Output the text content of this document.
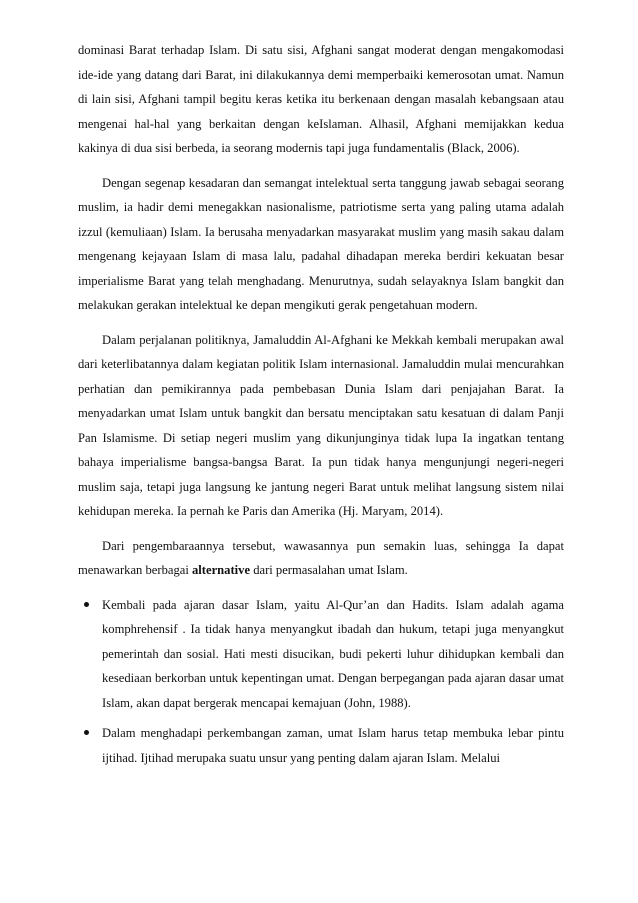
dominasi Barat terhadap Islam. Di satu sisi, Afghani sangat moderat dengan mengakomodasi ide-ide yang datang dari Barat, ini dilakukannya demi memperbaiki kemerosotan umat. Namun di lain sisi, Afghani tampil begitu keras ketika itu berkenaan dengan masalah kebangsaan atau mengenai hal-hal yang berkaitan dengan keIslaman. Alhasil, Afghani memijakkan kedua kakinya di dua sisi berbeda, ia seorang modernis tapi juga fundamentalis (Black, 2006).

Dengan segenap kesadaran dan semangat intelektual serta tanggung jawab sebagai seorang muslim, ia hadir demi menegakkan nasionalisme, patriotisme serta yang paling utama adalah izzul (kemuliaan) Islam. Ia berusaha menyadarkan masyarakat muslim yang masih sakau dalam mengenang kejayaan Islam di masa lalu, padahal dihadapan mereka berdiri kekuatan besar imperialisme Barat yang telah menghadang. Menurutnya, sudah selayaknya Islam bangkit dan melakukan gerakan intelektual ke depan mengikuti gerak pengetahuan modern.

Dalam perjalanan politiknya, Jamaluddin Al-Afghani ke Mekkah kembali merupakan awal dari keterlibatannya dalam kegiatan politik Islam internasional. Jamaluddin mulai mencurahkan perhatian dan pemikirannya pada pembebasan Dunia Islam dari penjajahan Barat. Ia menyadarkan umat Islam untuk bangkit dan bersatu menciptakan satu kesatuan di dalam Panji Pan Islamisme. Di setiap negeri muslim yang dikunjunginya tidak lupa Ia ingatkan tentang bahaya imperialisme bangsa-bangsa Barat. Ia pun tidak hanya mengunjungi negeri-negeri muslim saja, tetapi juga langsung ke jantung negeri Barat untuk melihat langsung sistem nilai kehidupan mereka. Ia pernah ke Paris dan Amerika (Hj. Maryam, 2014).

Dari pengembaraannya tersebut, wawasannya pun semakin luas, sehingga Ia dapat menawarkan berbagai alternative dari permasalahan umat Islam.

Kembali pada ajaran dasar Islam, yaitu Al-Qur’an dan Hadits. Islam adalah agama komphrehensif . Ia tidak hanya menyangkut ibadah dan hukum, tetapi juga menyangkut pemerintah dan sosial. Hati mesti disucikan, budi pekerti luhur dihidupkan kembali dan kesediaan berkorban untuk kepentingan umat. Dengan berpegangan pada ajaran dasar umat Islam, akan dapat bergerak mencapai kemajuan (John, 1988).
Dalam menghadapi perkembangan zaman, umat Islam harus tetap membuka lebar pintu ijtihad. Ijtihad merupaka suatu unsur yang penting dalam ajaran Islam. Melalui
